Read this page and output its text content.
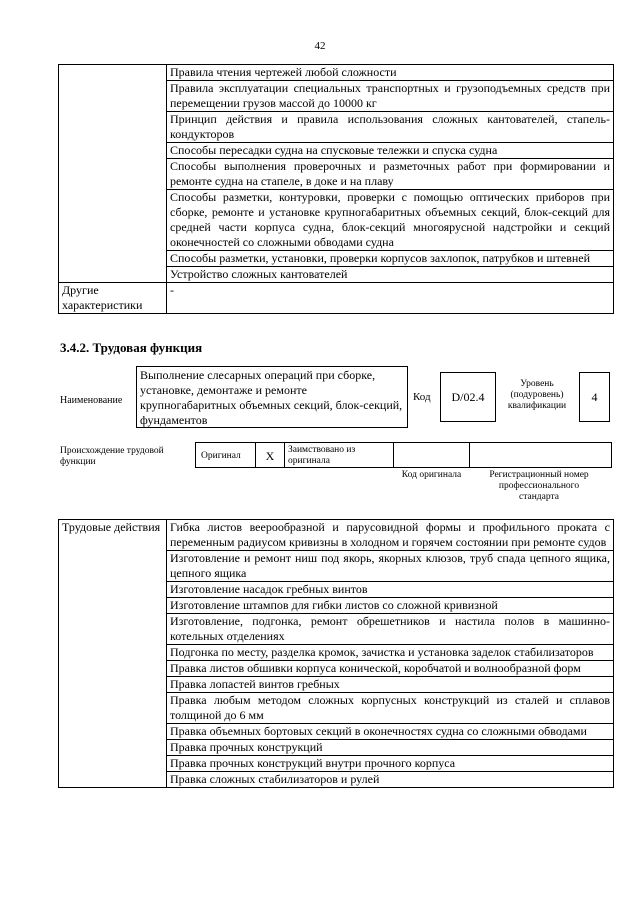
42
	Правила чтения чертежей любой сложности
	Правила эксплуатации специальных транспортных и грузоподъемных средств при перемещении грузов массой до 10000 кг
	Принцип действия и правила использования сложных кантователей, стапель-кондукторов
	Способы пересадки судна на спусковые тележки и спуска судна
	Способы выполнения проверочных и разметочных работ при формировании и ремонте судна на стапеле, в доке и на плаву
	Способы разметки, контуровки, проверки с помощью оптических приборов при сборке, ремонте и установке крупногабаритных объемных секций, блок-секций для средней части корпуса судна, блок-секций многоярусной надстройки и секций оконечностей со сложными обводами судна
	Способы разметки, установки, проверки корпусов захлопок, патрубков и штевней
	Устройство сложных кантователей
Другие характеристики	-
3.4.2. Трудовая функция
Наименование
Выполнение слесарных операций при сборке, установке, демонтаже и ремонте крупногабаритных объемных секций, блок-секций, фундаментов
Код	D/02.4
Уровень (подуровень) квалификации
4
Происхождение трудовой функции
Оригинал	X	Заимствовано из оригинала
Код оригинала	Регистрационный номер профессионального стандарта
Трудовые действия	Гибка листов веерообразной и парусовидной формы и профильного проката с переменным радиусом кривизны в холодном и горячем состоянии при ремонте судов
Изготовление и ремонт ниш под якорь, якорных клюзов, труб спада цепного ящика, цепного ящика
Изготовление насадок гребных винтов
Изготовление штампов для гибки листов со сложной кривизной
Изготовление, подгонка, ремонт обрешетников и настила полов в машинно-котельных отделениях
Подгонка по месту, разделка кромок, зачистка и установка заделок стабилизаторов
Правка листов обшивки корпуса конической, коробчатой и волнообразной форм
Правка лопастей винтов гребных
Правка любым методом сложных корпусных конструкций из сталей и сплавов толщиной до 6 мм
Правка объемных бортовых секций в оконечностях судна со сложными обводами
Правка прочных конструкций
Правка прочных конструкций внутри прочного корпуса
Правка сложных стабилизаторов и рулей
